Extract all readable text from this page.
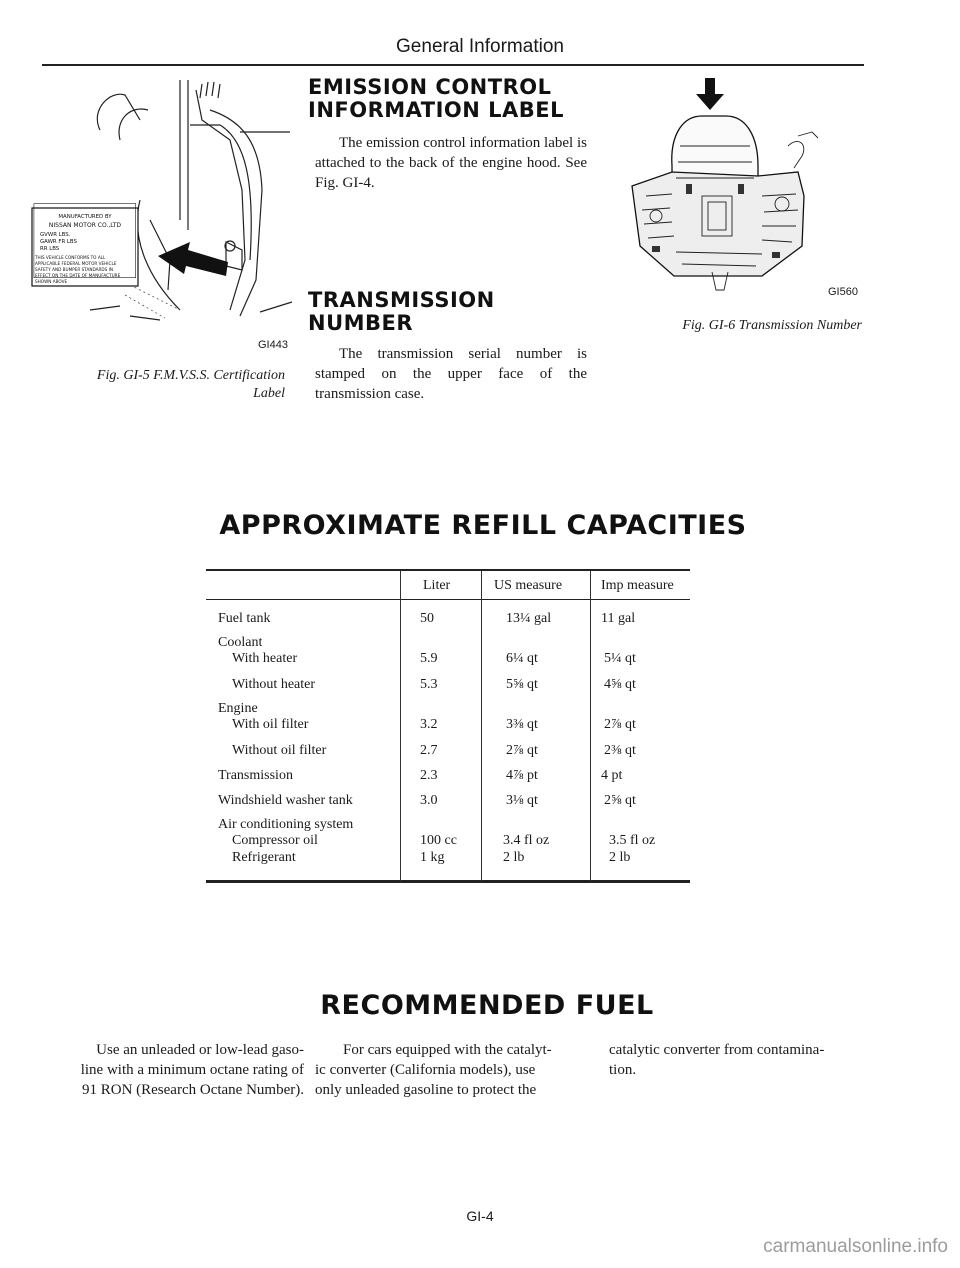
General Information
MANUFACTURED BY
NISSAN MOTOR CO.,LTD
GVWR LBS.
GAWR FR LBS
RR LBS
THIS VEHICLE CONFORMS TO ALL
APPLICABLE FEDERAL MOTOR VEHICLE
SAFETY AND BUMPER STANDARDS IN
EFFECT ON THE DATE OF MANUFACTURE
SHOWN ABOVE
GI443
Fig. GI-5 F.M.V.S.S. Certification
Label
EMISSION CONTROL
INFORMATION LABEL
The emission control information label is attached to the back of the engine hood. See Fig. GI-4.
TRANSMISSION
NUMBER
The transmission serial number is stamped on the upper face of the transmission case.
GI560
Fig. GI-6 Transmission Number
APPROXIMATE REFILL CAPACITIES
Liter	US measure	Imp measure
Fuel tank	50	13¼ gal	11 gal
Coolant
With heater	5.9	6¼ qt	5¼ qt
Without heater	5.3	5⅝ qt	4⅝ qt
Engine
With oil filter	3.2	3⅜ qt	2⅞ qt
Without oil filter	2.7	2⅞ qt	2⅜ qt
Transmission	2.3	4⅞ pt	4 pt
Windshield washer tank	3.0	3⅛ qt	2⅝ qt
Air conditioning system
Compressor oil	100 cc	3.4 fl oz	3.5 fl oz
Refrigerant	1 kg	2 lb	2 lb
RECOMMENDED FUEL
Use an unleaded or low-lead gaso-
line with a minimum octane rating of
91 RON (Research Octane Number).
For cars equipped with the catalyt-
ic converter (California models), use
only unleaded gasoline to protect the
catalytic converter from contamina-
tion.
GI-4
carmanualsonline.info
